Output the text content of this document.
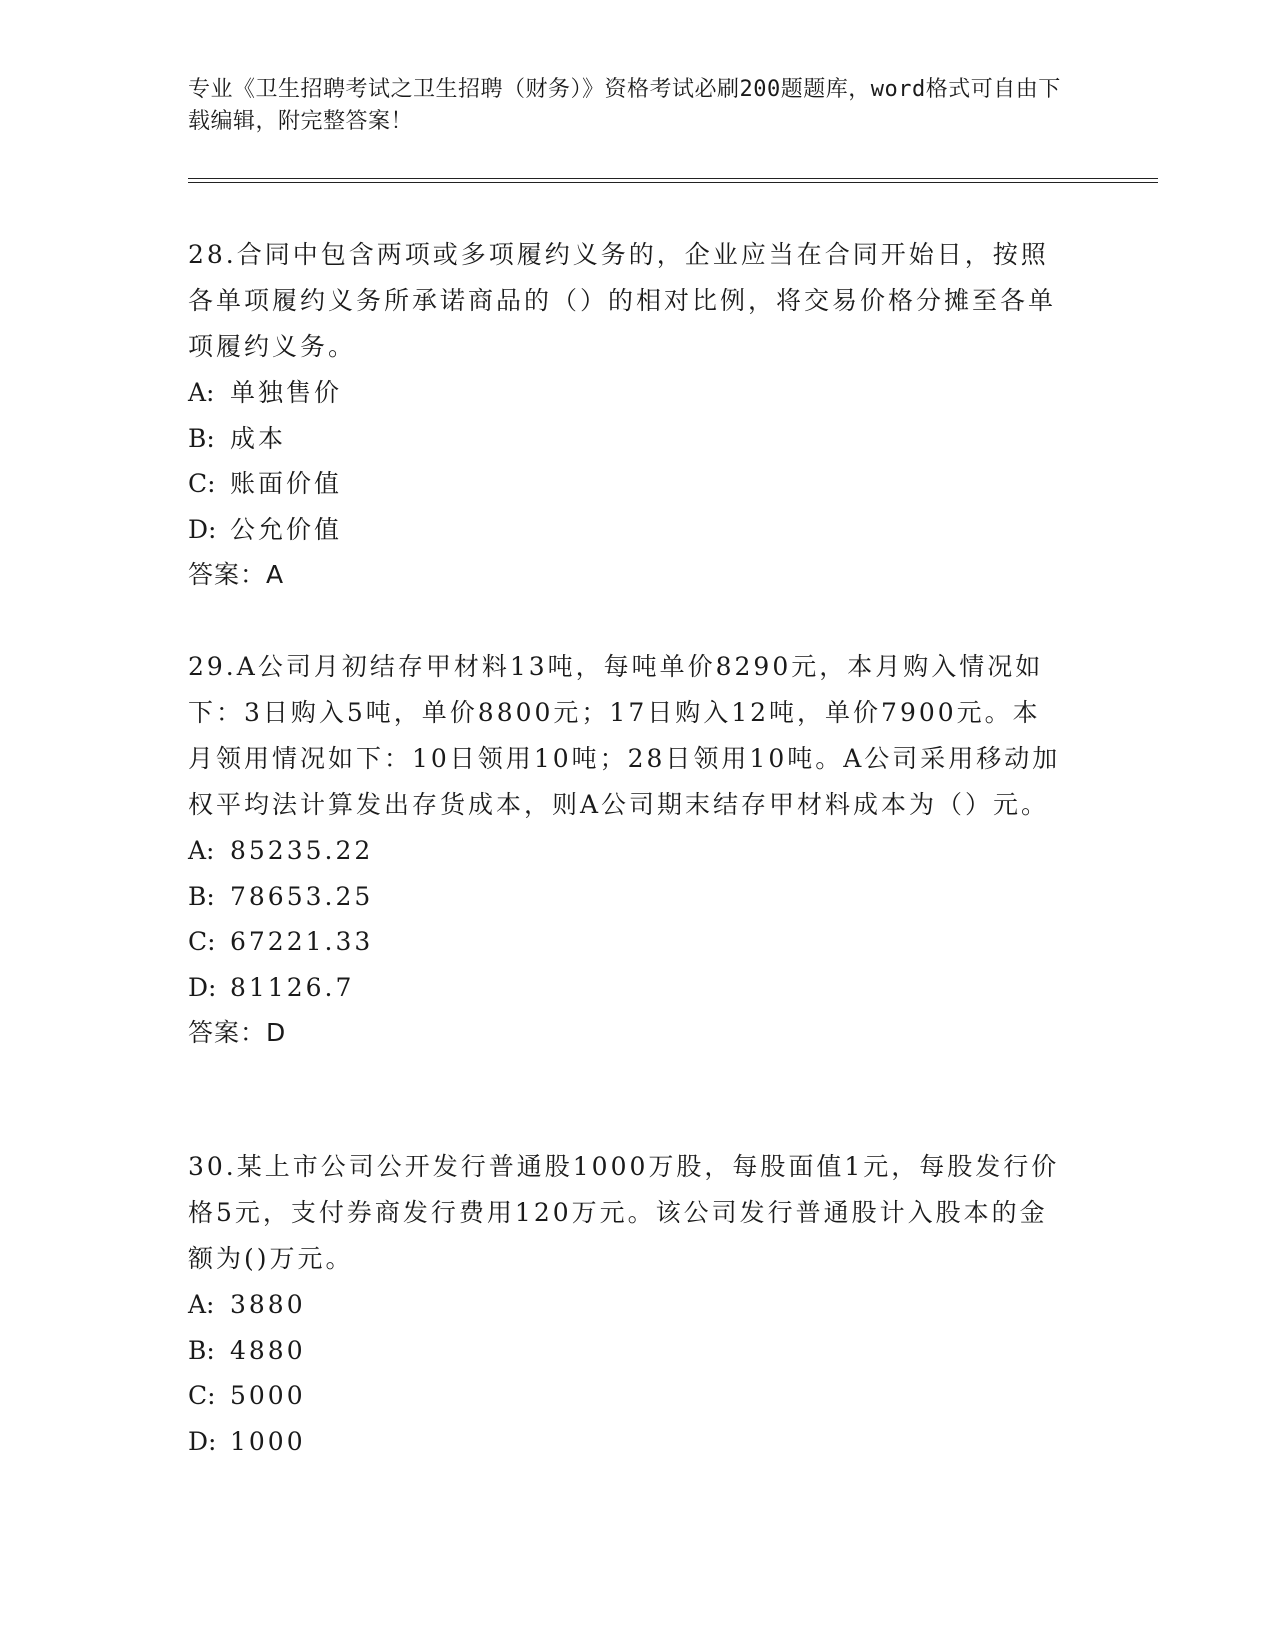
专业《卫生招聘考试之卫生招聘（财务）》资格考试必刷200题题库，word格式可自由下载编辑，附完整答案！

28.合同中包含两项或多项履约义务的，企业应当在合同开始日，按照各单项履约义务所承诺商品的（）的相对比例，将交易价格分摊至各单项履约义务。

A: 单独售价

B: 成本

C: 账面价值

D: 公允价值

答案：A

29.A公司月初结存甲材料13吨，每吨单价8290元，本月购入情况如下：3日购入5吨，单价8800元；17日购入12吨，单价7900元。本月领用情况如下：10日领用10吨；28日领用10吨。A公司采用移动加权平均法计算发出存货成本，则A公司期末结存甲材料成本为（）元。

A: 85235.22

B: 78653.25

C: 67221.33

D: 81126.7

答案：D

30.某上市公司公开发行普通股1000万股，每股面值1元，每股发行价格5元，支付券商发行费用120万元。该公司发行普通股计入股本的金额为()万元。

A: 3880

B: 4880

C: 5000

D: 1000
